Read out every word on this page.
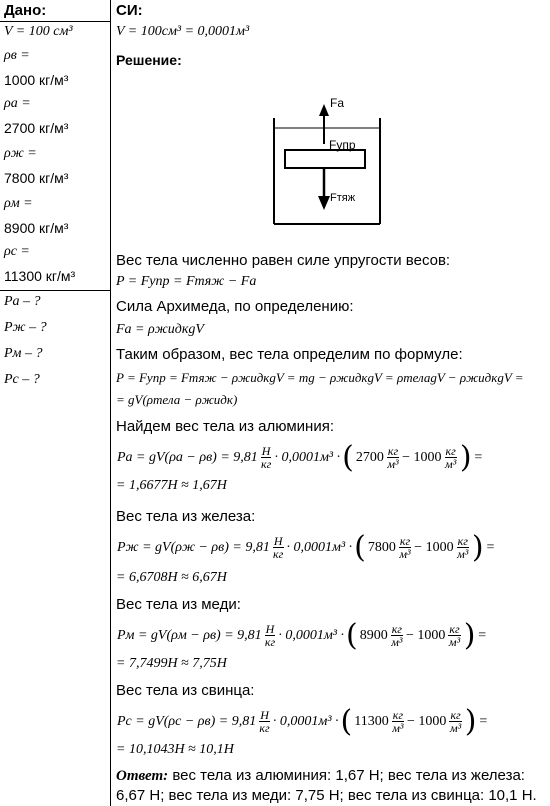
Дано:
V = 100 см³
ρв =
1000 кг/м³
ρа =
2700 кг/м³
ρж =
7800 кг/м³
ρм =
8900 кг/м³
ρс =
11300 кг/м³
Pа – ?
Pж – ?
Pм – ?
Pс – ?
СИ:
V = 100см³ = 0,0001м³
Решение:
Fa
Fупр
Fтяж
Вес тела численно равен силе упругости весов:
P = Fупр = Fтяж − Fa
Сила Архимеда, по определению:
Fa = ρжидкgV
Таким образом, вес тела определим по формуле:
P = Fупр = Fтяж − ρжидкgV = mg − ρжидкgV = ρтелаgV − ρжидкgV =
= gV(ρтела − ρжидк)
Найдем вес тела из алюминия:
$Pa = gV(\rho a - \rho в) = 9,81 \frac{H}{кг} \cdot 0,0001м^3$ · ( $2700 \frac{кг}{\text{м³}} - 1000 \frac{кг}{\text{м³}}$ ) =
= 1,6677H ≈ 1,67H
Вес тела из железа:
Pж = $gV(\rho ж - \rho в) = 9,81 \frac{H}{кг} \cdot 0,0001м^3$ · ( $7800 \frac{кг}{\text{м³}} - 1000 \frac{кг}{\text{м³}}$ ) =
= 6,6708H ≈ 6,67H
Вес тела из меди:
Pм = $gV(\rho м - \rho в) = 9,81 \frac{H}{кг} \cdot 0,0001м^3$ · ( $8900 \frac{кг}{\text{м³}} - 1000 \frac{кг}{\text{м³}}$ ) =
= 7,7499H ≈ 7,75H
Вес тела из свинца:
Pс = $gV(\rho с - \rho в) = 9,81 \frac{H}{кг} \cdot 0,0001м^3$ · ( $11300 \frac{кг}{\text{м³}} - 1000 \frac{кг}{\text{м³}}$ ) =
= 10,1043H ≈ 10,1H
Ответ: вес тела из алюминия: 1,67 Н; вес тела из железа: 6,67 Н; вес тела из меди: 7,75 Н; вес тела из свинца: 10,1 Н.
